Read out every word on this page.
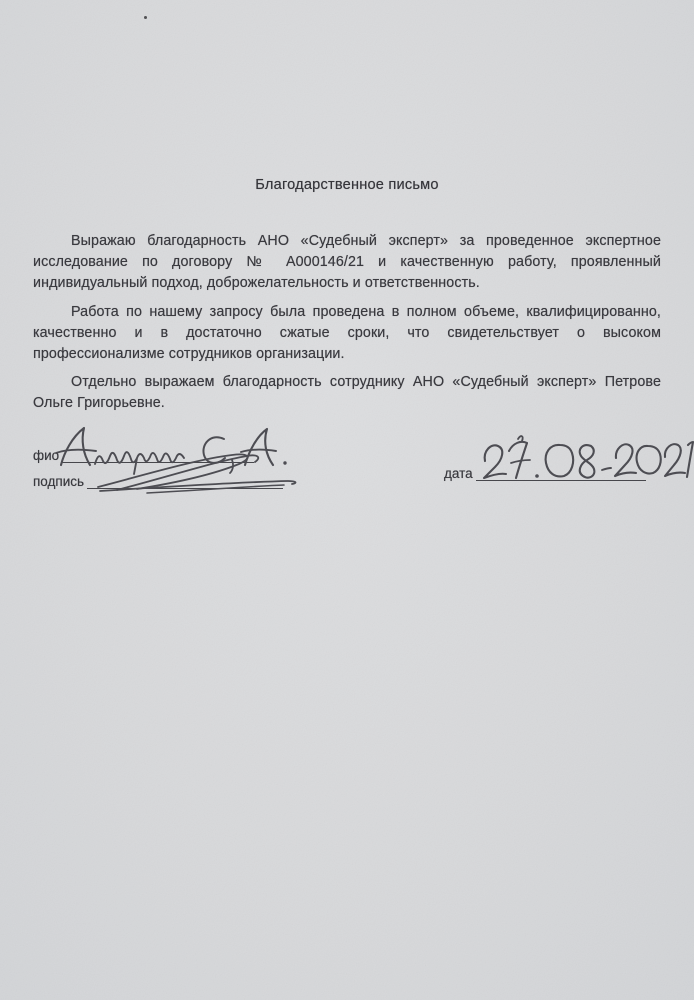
Благодарственное письмо

Выражаю благодарность АНО «Судебный эксперт» за проведенное экспертное исследование по договору № А000146/21 и качественную работу, проявленный индивидуальный подход, доброжелательность и ответственность.

Работа по нашему запросу была проведена в полном объеме, квалифицированно, качественно и в достаточно сжатые сроки, что свидетельствует о высоком профессионализме сотрудников организации.

Отдельно выражаем благодарность сотруднику АНО «Судебный эксперт» Петрове Ольге Григорьевне.

фио
подпись
дата
